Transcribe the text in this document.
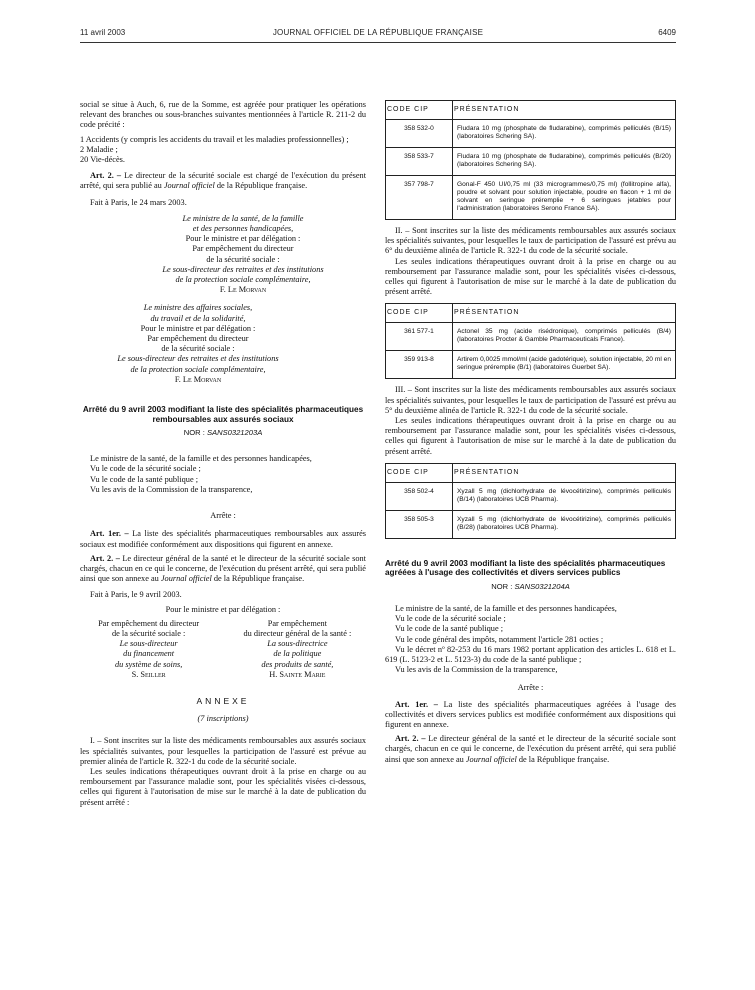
11 avril 2003	JOURNAL OFFICIEL DE LA RÉPUBLIQUE FRANÇAISE	6409

social se situe à Auch, 6, rue de la Somme, est agréée pour pratiquer les opérations relevant des branches ou sous-branches suivantes mentionnées à l'article R. 211-2 du code précité :

1 Accidents (y compris les accidents du travail et les maladies professionnelles) ;

2 Maladie ;

20 Vie-décès.

Art. 2. – Le directeur de la sécurité sociale est chargé de l'exécution du présent arrêté, qui sera publié au Journal officiel de la République française.

Fait à Paris, le 24 mars 2003.

Le ministre de la santé, de la famille

et des personnes handicapées,

Pour le ministre et par délégation :

Par empêchement du directeur

de la sécurité sociale :

Le sous-directeur des retraites et des institutions

de la protection sociale complémentaire,

F. Le Morvan

Le ministre des affaires sociales,

du travail et de la solidarité,

Pour le ministre et par délégation :

Par empêchement du directeur

de la sécurité sociale :

Le sous-directeur des retraites et des institutions

de la protection sociale complémentaire,

F. Le Morvan

Arrêté du 9 avril 2003 modifiant la liste des spécialités pharmaceutiques remboursables aux assurés sociaux

NOR : SANS0321203A

Le ministre de la santé, de la famille et des personnes handicapées,

Vu le code de la sécurité sociale ;

Vu le code de la santé publique ;

Vu les avis de la Commission de la transparence,

Arrête :

Art. 1er. – La liste des spécialités pharmaceutiques remboursables aux assurés sociaux est modifiée conformément aux dispositions qui figurent en annexe.

Art. 2. – Le directeur général de la santé et le directeur de la sécurité sociale sont chargés, chacun en ce qui le concerne, de l'exécution du présent arrêté, qui sera publié ainsi que son annexe au Journal officiel de la République française.

Fait à Paris, le 9 avril 2003.

Pour le ministre et par délégation :

Par empêchement du directeur

de la sécurité sociale :

Le sous-directeur

du financement

du système de soins,

S. Seiller

Par empêchement

du directeur général de la santé :

La sous-directrice

de la politique

des produits de santé,

H. Sainte Marie

ANNEXE

(7 inscriptions)

I. – Sont inscrites sur la liste des médicaments remboursables aux assurés sociaux les spécialités suivantes, pour lesquelles la participation de l'assuré est prévue au premier alinéa de l'article R. 322-1 du code de la sécurité sociale.

Les seules indications thérapeutiques ouvrant droit à la prise en charge ou au remboursement par l'assurance maladie sont, pour les spécialités visées ci-dessous, celles qui figurent à l'autorisation de mise sur le marché à la date de publication du présent arrêté :

CODE CIP	PRÉSENTATION
358 532-0	Fludara 10 mg (phosphate de fludarabine), comprimés pelliculés (B/15) (laboratoires Schering SA).
358 533-7	Fludara 10 mg (phosphate de fludarabine), comprimés pelliculés (B/20) (laboratoires Schering SA).
357 798-7	Gonal-F 450 UI/0,75 ml (33 microgrammes/0,75 ml) (follitropine alfa), poudre et solvant pour solution injectable, poudre en flacon + 1 ml de solvant en seringue préremplie + 6 seringues jetables pour l'administration (laboratoires Serono France SA).

II. – Sont inscrites sur la liste des médicaments remboursables aux assurés sociaux les spécialités suivantes, pour lesquelles le taux de participation de l'assuré est prévu au 6° du deuxième alinéa de l'article R. 322-1 du code de la sécurité sociale.

Les seules indications thérapeutiques ouvrant droit à la prise en charge ou au remboursement par l'assurance maladie sont, pour les spécialités visées ci-dessous, celles qui figurent à l'autorisation de mise sur le marché à la date de publication du présent arrêté.

CODE CIP	PRÉSENTATION
361 577-1	Actonel 35 mg (acide risédronique), comprimés pelliculés (B/4) (laboratoires Procter & Gamble Pharmaceuticals France).
359 913-8	Artirem 0,0025 mmol/ml (acide gadotérique), solution injectable, 20 ml en seringue préremplie (B/1) (laboratoires Guerbet SA).

III. – Sont inscrites sur la liste des médicaments remboursables aux assurés sociaux les spécialités suivantes, pour lesquelles le taux de participation de l'assuré est prévu au 5° du deuxième alinéa de l'article R. 322-1 du code de la sécurité sociale.

Les seules indications thérapeutiques ouvrant droit à la prise en charge ou au remboursement par l'assurance maladie sont, pour les spécialités visées ci-dessous, celles qui figurent à l'autorisation de mise sur le marché à la date de publication du présent arrêté.

CODE CIP	PRÉSENTATION
358 502-4	Xyzall 5 mg (dichlorhydrate de lévocétirizine), comprimés pelliculés (B/14) (laboratoires UCB Pharma).
358 505-3	Xyzall 5 mg (dichlorhydrate de lévocétirizine), comprimés pelliculés (B/28) (laboratoires UCB Pharma).

Arrêté du 9 avril 2003 modifiant la liste des spécialités pharmaceutiques agréées à l'usage des collectivités et divers services publics

NOR : SANS0321204A

Le ministre de la santé, de la famille et des personnes handicapées,

Vu le code de la sécurité sociale ;

Vu le code de la santé publique ;

Vu le code général des impôts, notamment l'article 281 octies ;

Vu le décret nº 82-253 du 16 mars 1982 portant application des articles L. 618 et L. 619 (L. 5123-2 et L. 5123-3) du code de la santé publique ;

Vu les avis de la Commission de la transparence,

Arrête :

Art. 1er. – La liste des spécialités pharmaceutiques agréées à l'usage des collectivités et divers services publics est modifiée conformément aux dispositions qui figurent en annexe.

Art. 2. – Le directeur général de la santé et le directeur de la sécurité sociale sont chargés, chacun en ce qui le concerne, de l'exécution du présent arrêté, qui sera publié ainsi que son annexe au Journal officiel de la République française.
